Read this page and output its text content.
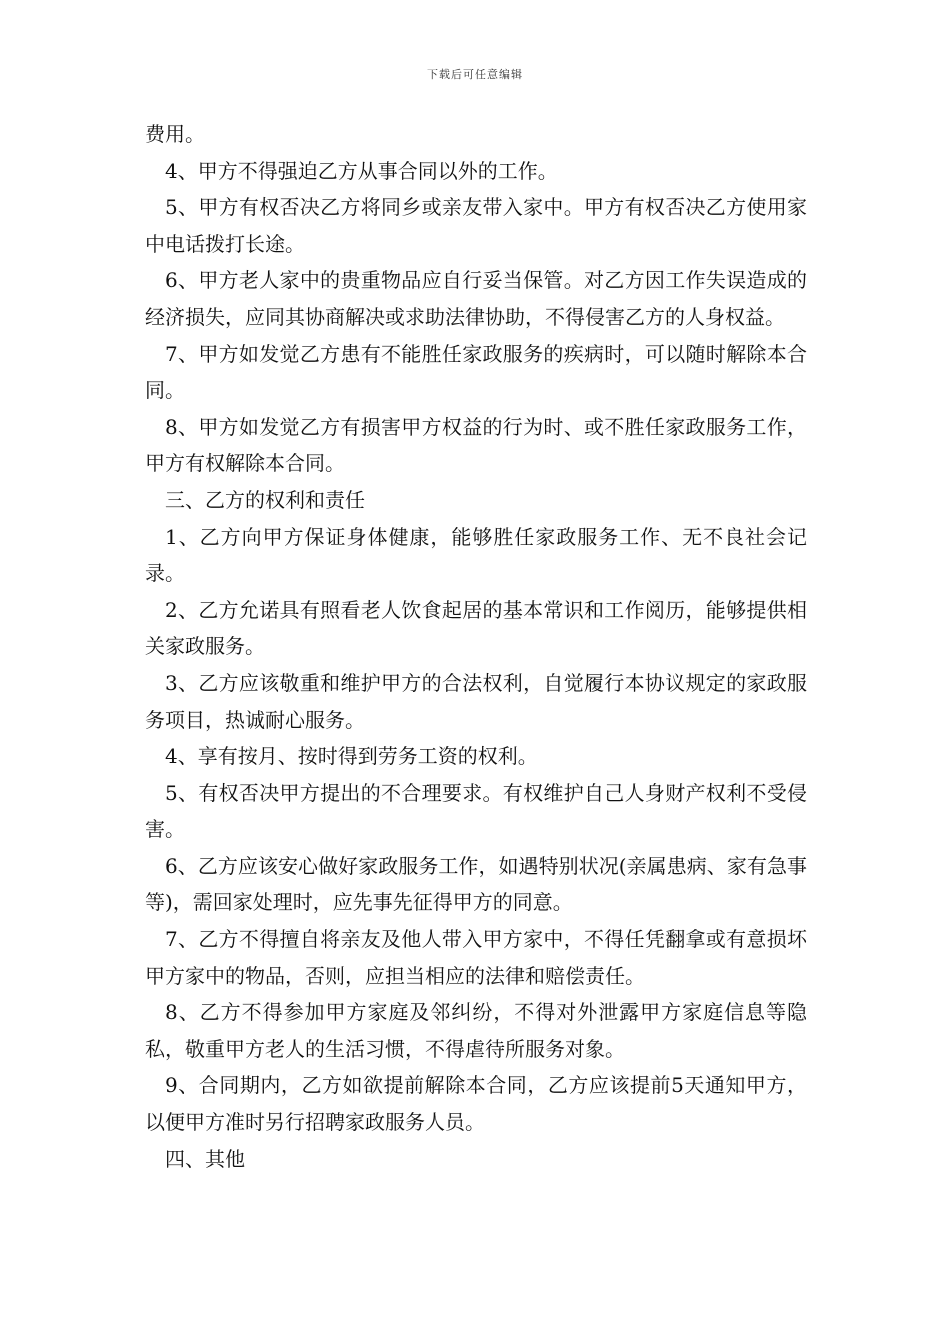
下载后可任意编辑

费用。

4、甲方不得强迫乙方从事合同以外的工作。

5、甲方有权否决乙方将同乡或亲友带入家中。甲方有权否决乙方使用家中电话拨打长途。

6、甲方老人家中的贵重物品应自行妥当保管。对乙方因工作失误造成的经济损失，应同其协商解决或求助法律协助，不得侵害乙方的人身权益。

7、甲方如发觉乙方患有不能胜任家政服务的疾病时，可以随时解除本合同。

8、甲方如发觉乙方有损害甲方权益的行为时、或不胜任家政服务工作，甲方有权解除本合同。

三、乙方的权利和责任

1、乙方向甲方保证身体健康，能够胜任家政服务工作、无不良社会记录。

2、乙方允诺具有照看老人饮食起居的基本常识和工作阅历，能够提供相关家政服务。

3、乙方应该敬重和维护甲方的合法权利，自觉履行本协议规定的家政服务项目，热诚耐心服务。

4、享有按月、按时得到劳务工资的权利。

5、有权否决甲方提出的不合理要求。有权维护自己人身财产权利不受侵害。

6、乙方应该安心做好家政服务工作，如遇特别状况(亲属患病、家有急事等)，需回家处理时，应先事先征得甲方的同意。

7、乙方不得擅自将亲友及他人带入甲方家中，不得任凭翻拿或有意损坏甲方家中的物品，否则，应担当相应的法律和赔偿责任。

8、乙方不得参加甲方家庭及邻纠纷，不得对外泄露甲方家庭信息等隐私，敬重甲方老人的生活习惯，不得虐待所服务对象。

9、合同期内，乙方如欲提前解除本合同，乙方应该提前5天通知甲方，以便甲方准时另行招聘家政服务人员。

四、其他
